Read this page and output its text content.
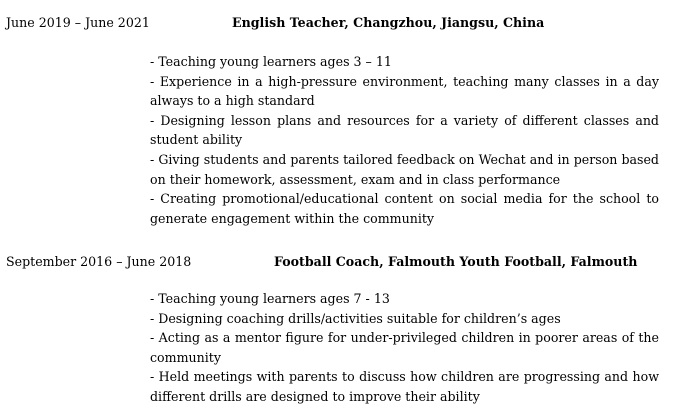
June 2019 – June 2021	English Teacher, Changzhou, Jiangsu, China
- Teaching young learners ages 3 – 11
- Experience in a high-pressure environment, teaching many classes in a day always to a high standard
- Designing lesson plans and resources for a variety of different classes and student ability
- Giving students and parents tailored feedback on Wechat and in person based on their homework, assessment, exam and in class performance
- Creating promotional/educational content on social media for the school to generate engagement within the community
September 2016 – June 2018	Football Coach, Falmouth Youth Football, Falmouth
- Teaching young learners ages 7 - 13
- Designing coaching drills/activities suitable for children’s ages
- Acting as a mentor figure for under-privileged children in poorer areas of the community
- Held meetings with parents to discuss how children are progressing and how different drills are designed to improve their ability
